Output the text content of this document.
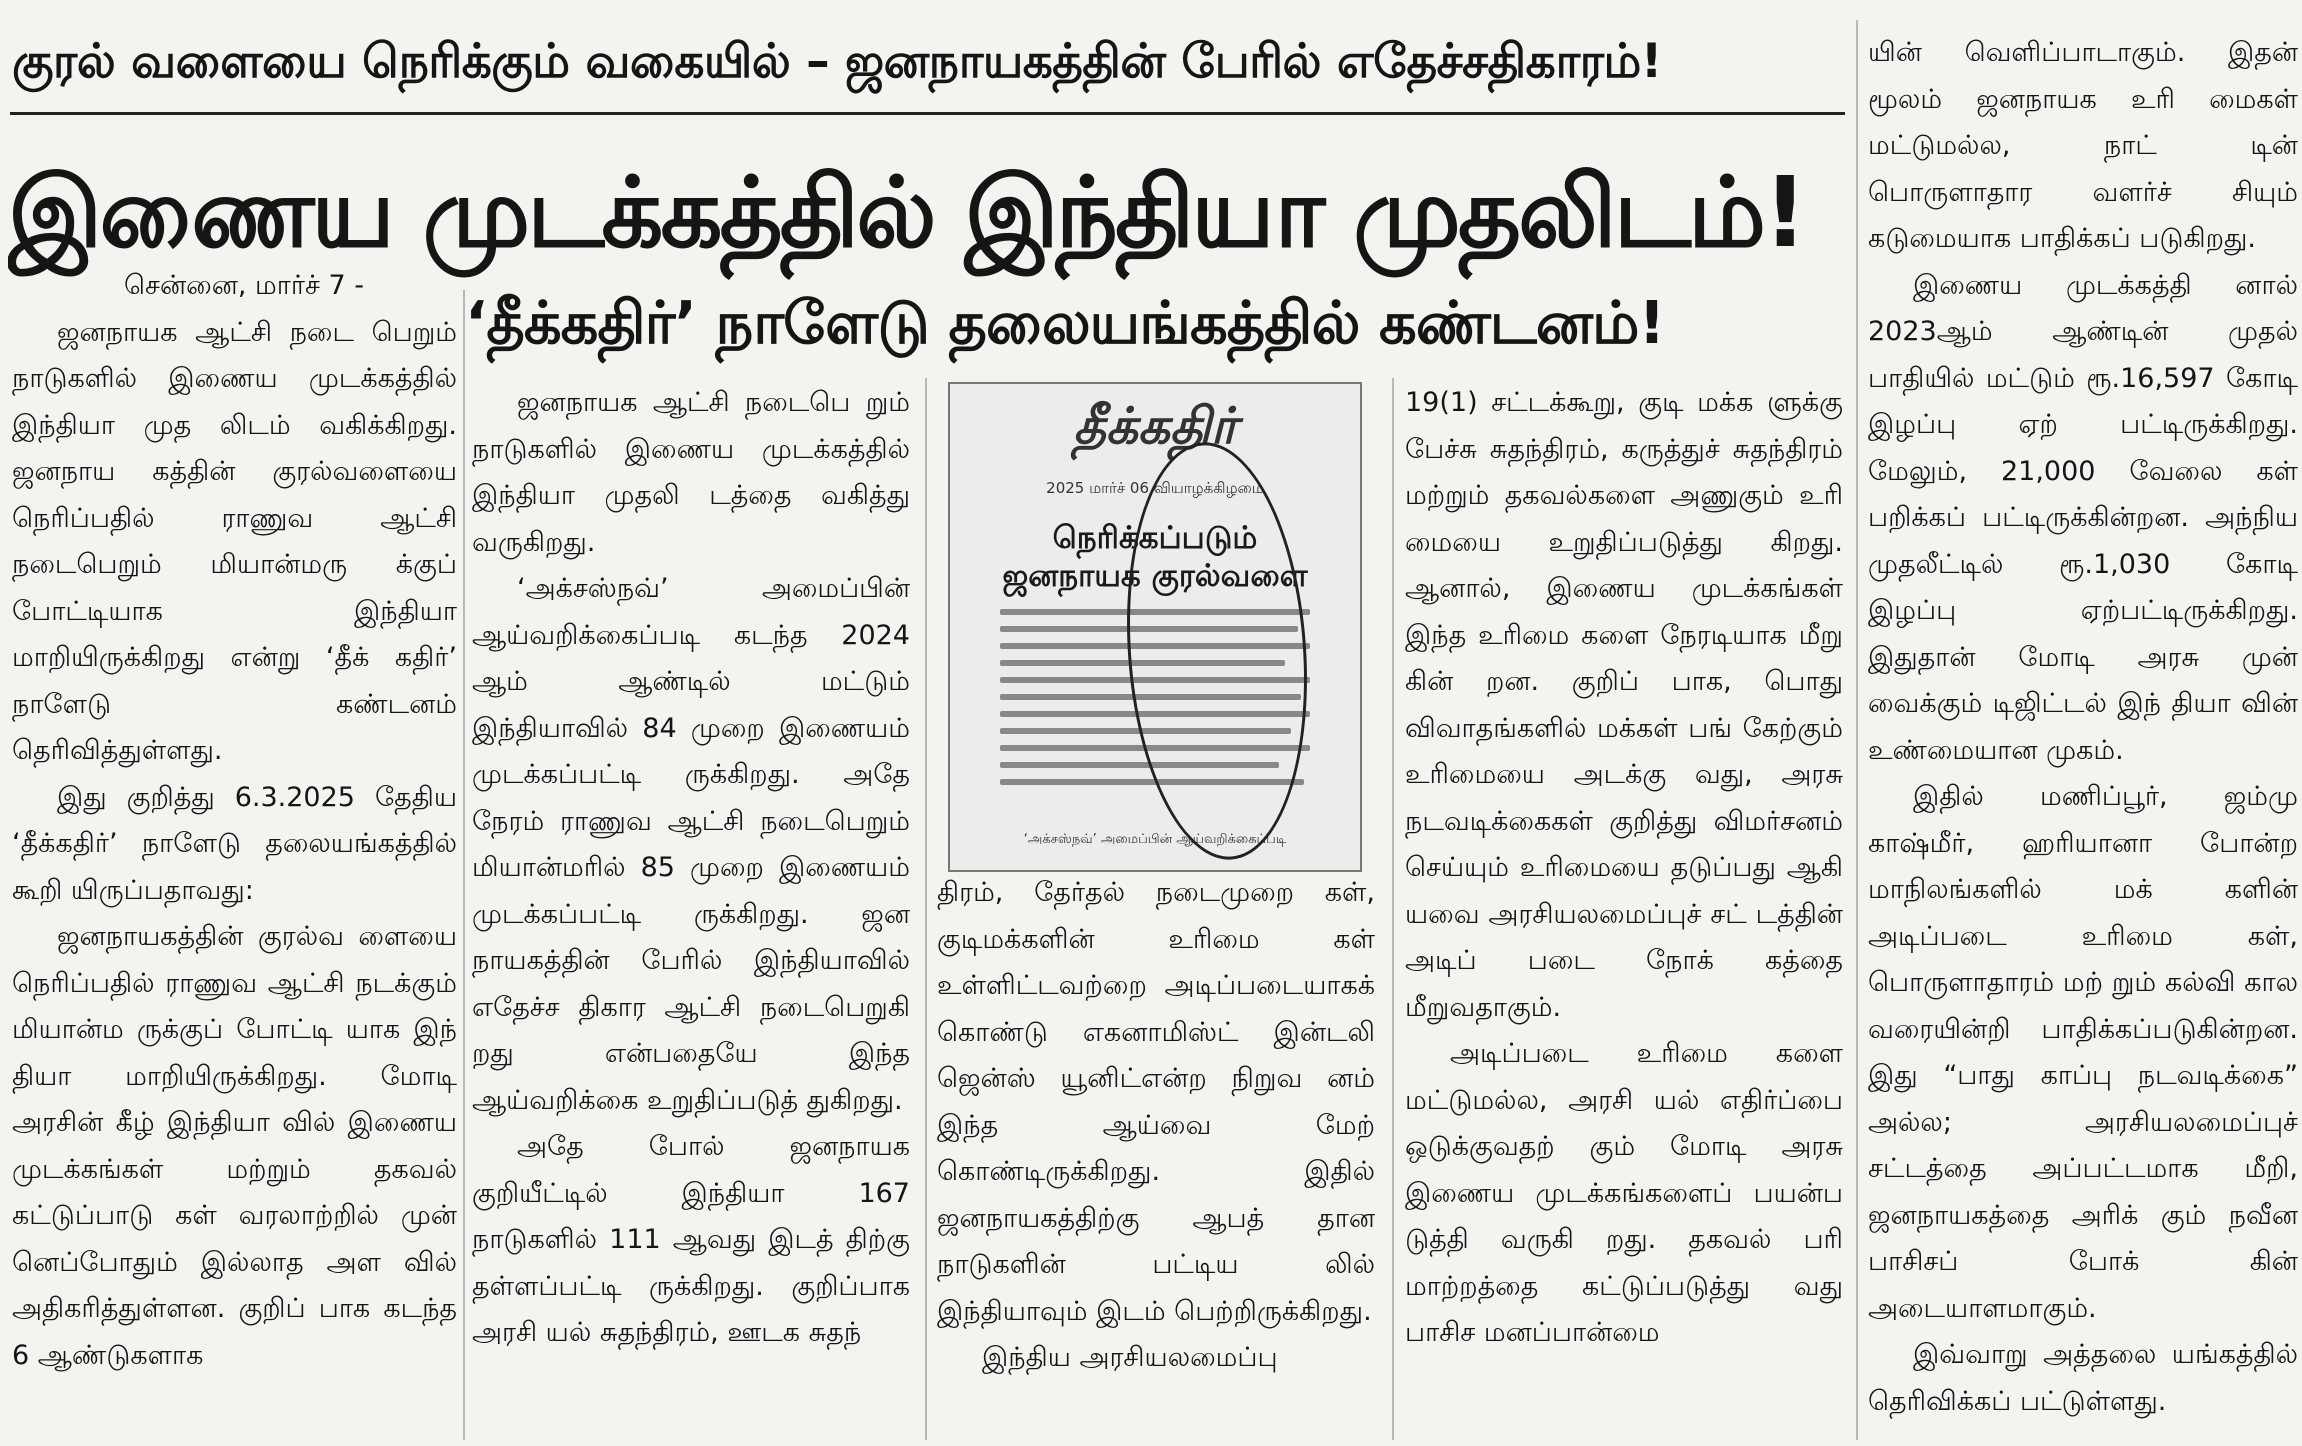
குரல் வளையை நெரிக்கும் வகையில் – ஜனநாயகத்தின் பேரில் எதேச்சதிகாரம்!
இணைய முடக்கத்தில் இந்தியா முதலிடம்!
‘தீக்கதிர்’ நாளேடு தலையங்கத்தில் கண்டனம்!

சென்னை, மார்ச் 7 -

ஜனநாயக ஆட்சி நடை பெறும் நாடுகளில் இணைய முடக்கத்தில் இந்தியா முத லிடம் வகிக்கிறது. ஜனநாய கத்தின் குரல்வளையை நெரிப்பதில் ராணுவ ஆட்சி நடைபெறும் மியான்மரு க்குப் போட்டியாக இந்தியா மாறியிருக்கிறது என்று ‘தீக் கதிர்’ நாளேடு கண்டனம் தெரிவித்துள்ளது.

இது குறித்து 6.3.2025 தேதிய ‘தீக்கதிர்’ நாளேடு தலையங்கத்தில் கூறி யிருப்பதாவது:

ஜனநாயகத்தின் குரல்வ ளையை நெரிப்பதில் ராணுவ ஆட்சி நடக்கும் மியான்ம ருக்குப் போட்டி யாக இந் தியா மாறியிருக்கிறது. மோடி அரசின் கீழ் இந்தியா வில் இணைய முடக்கங்கள் மற்றும் தகவல் கட்டுப்பாடு கள் வரலாற்றில் முன் னெப்போதும் இல்லாத அள வில் அதிகரித்துள்ளன. குறிப் பாக கடந்த 6 ஆண்டுகளாக

ஜனநாயக ஆட்சி நடைபெ றும் நாடுகளில் இணைய முடக்கத்தில் இந்தியா முதலி டத்தை வகித்து வருகிறது.

‘அக்சஸ்நவ்’ அமைப்பின் ஆய்வறிக்கைப்படி கடந்த 2024 ஆம் ஆண்டில் மட்டும் இந்தியாவில் 84 முறை இணையம் முடக்கப்பட்டி ருக்கிறது. அதே நேரம் ராணுவ ஆட்சி நடைபெறும் மியான்மரில் 85 முறை இணையம் முடக்கப்பட்டி ருக்கிறது. ஜன நாயகத்தின் பேரில் இந்தியாவில் எதேச்ச திகார ஆட்சி நடைபெறுகி றது என்பதையே இந்த ஆய்வறிக்கை உறுதிப்படுத் துகிறது.

அதே போல் ஜனநாயக குறியீட்டில் இந்தியா 167 நாடுகளில் 111 ஆவது இடத் திற்கு தள்ளப்பட்டி ருக்கிறது. குறிப்பாக அரசி யல் சுதந்திரம், ஊடக சுதந்

தீக்கதிர்
2025 மார்ச் 06 வியாழக்கிழமை
நெரிக்கப்படும் ஜனநாயக குரல்வளை
‘அக்சஸ்நவ்’ அமைப்பின் ஆய்வறிக்கைப்படி

திரம், தேர்தல் நடைமுறை கள், குடிமக்களின் உரிமை கள் உள்ளிட்டவற்றை அடிப்படையாகக் கொண்டு எகனாமிஸ்ட் இன்டலி ஜென்ஸ் யூனிட்என்ற நிறுவ னம் இந்த ஆய்வை மேற் கொண்டிருக்கிறது. இதில் ஜனநாயகத்திற்கு ஆபத் தான நாடுகளின் பட்டிய லில் இந்தியாவும் இடம் பெற்றிருக்கிறது.

இந்திய அரசியலமைப்பு

19(1) சட்டக்கூறு, குடி மக்க ளுக்கு பேச்சு சுதந்திரம், கருத்துச் சுதந்திரம் மற்றும் தகவல்களை அணுகும் உரி மையை உறுதிப்படுத்து கிறது. ஆனால், இணைய முடக்கங்கள் இந்த உரிமை களை நேரடியாக மீறு கின் றன. குறிப் பாக, பொது விவாதங்களில் மக்கள் பங் கேற்கும் உரிமையை அடக்கு வது, அரசு நடவடிக்கைகள் குறித்து விமர்சனம் செய்யும் உரிமையை தடுப்பது ஆகி யவை அரசியலமைப்புச் சட் டத்தின் அடிப் படை நோக் கத்தை மீறுவதாகும்.

அடிப்படை உரிமை களை மட்டுமல்ல, அரசி யல் எதிர்ப்பை ஒடுக்குவதற் கும் மோடி அரசு இணைய முடக்கங்களைப் பயன்ப டுத்தி வருகி றது. தகவல் பரி மாற்றத்தை கட்டுப்படுத்து வது பாசிச மனப்பான்மை

யின் வெளிப்பாடாகும். இதன் மூலம் ஜனநாயக உரி மைகள் மட்டுமல்ல, நாட் டின் பொருளாதார வளர்ச் சியும் கடுமையாக பாதிக்கப் படுகிறது.

இணைய முடக்கத்தி னால் 2023ஆம் ஆண்டின் முதல் பாதியில் மட்டும் ரூ.16,597 கோடி இழப்பு ஏற் பட்டிருக்கிறது. மேலும், 21,000 வேலை கள் பறிக்கப் பட்டிருக்கின்றன. அந்நிய முதலீட்டில் ரூ.1,030 கோடி இழப்பு ஏற்பட்டிருக்கிறது. இதுதான் மோடி அரசு முன் வைக்கும் டிஜிட்டல் இந் தியா வின் உண்மையான முகம்.

இதில் மணிப்பூர், ஜம்மு காஷ்மீர், ஹரியானா போன்ற மாநிலங்களில் மக் களின் அடிப்படை உரிமை கள், பொருளாதாரம் மற் றும் கல்வி கால வரையின்றி பாதிக்கப்படுகின்றன. இது “பாது காப்பு நடவடிக்கை” அல்ல; அரசியலமைப்புச் சட்டத்தை அப்பட்டமாக மீறி, ஜனநாயகத்தை அரிக் கும் நவீன பாசிசப் போக் கின் அடையாளமாகும்.

இவ்வாறு அத்தலை யங்கத்தில் தெரிவிக்கப் பட்டுள்ளது.
